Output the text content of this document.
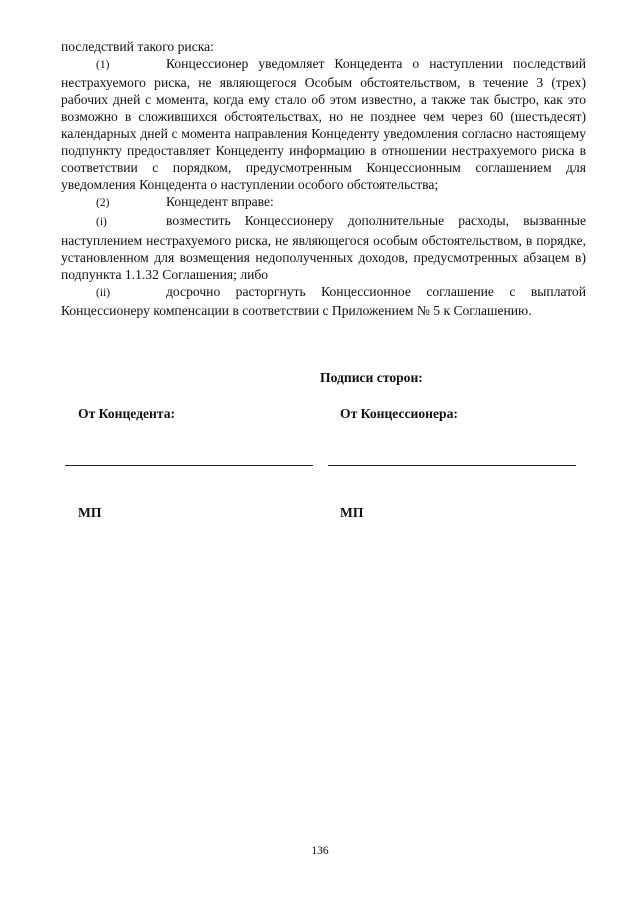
последствий такого риска:

(1)	Концессионер уведомляет Концедента о наступлении последствий нестрахуемого риска, не являющегося Особым обстоятельством, в течение 3 (трех) рабочих дней с момента, когда ему стало об этом известно, а также так быстро, как это возможно в сложившихся обстоятельствах, но не позднее чем через 60 (шестьдесят) календарных дней с момента направления Концеденту уведомления согласно настоящему подпункту предоставляет Концеденту информацию в отношении нестрахуемого риска в соответствии с порядком, предусмотренным Концессионным соглашением для уведомления Концедента о наступлении особого обстоятельства;

(2)	Концедент вправе:

(i)	возместить Концессионеру дополнительные расходы, вызванные наступлением нестрахуемого риска, не являющегося особым обстоятельством, в порядке, установленном для возмещения недополученных доходов, предусмотренных абзацем в) подпункта 1.1.32 Соглашения; либо

(ii)	досрочно расторгнуть Концессионное соглашение с выплатой Концессионеру компенсации в соответствии с Приложением № 5 к Соглашению.

Подписи сторон:
От Концедента:	От Концессионера:
МП	МП
136
